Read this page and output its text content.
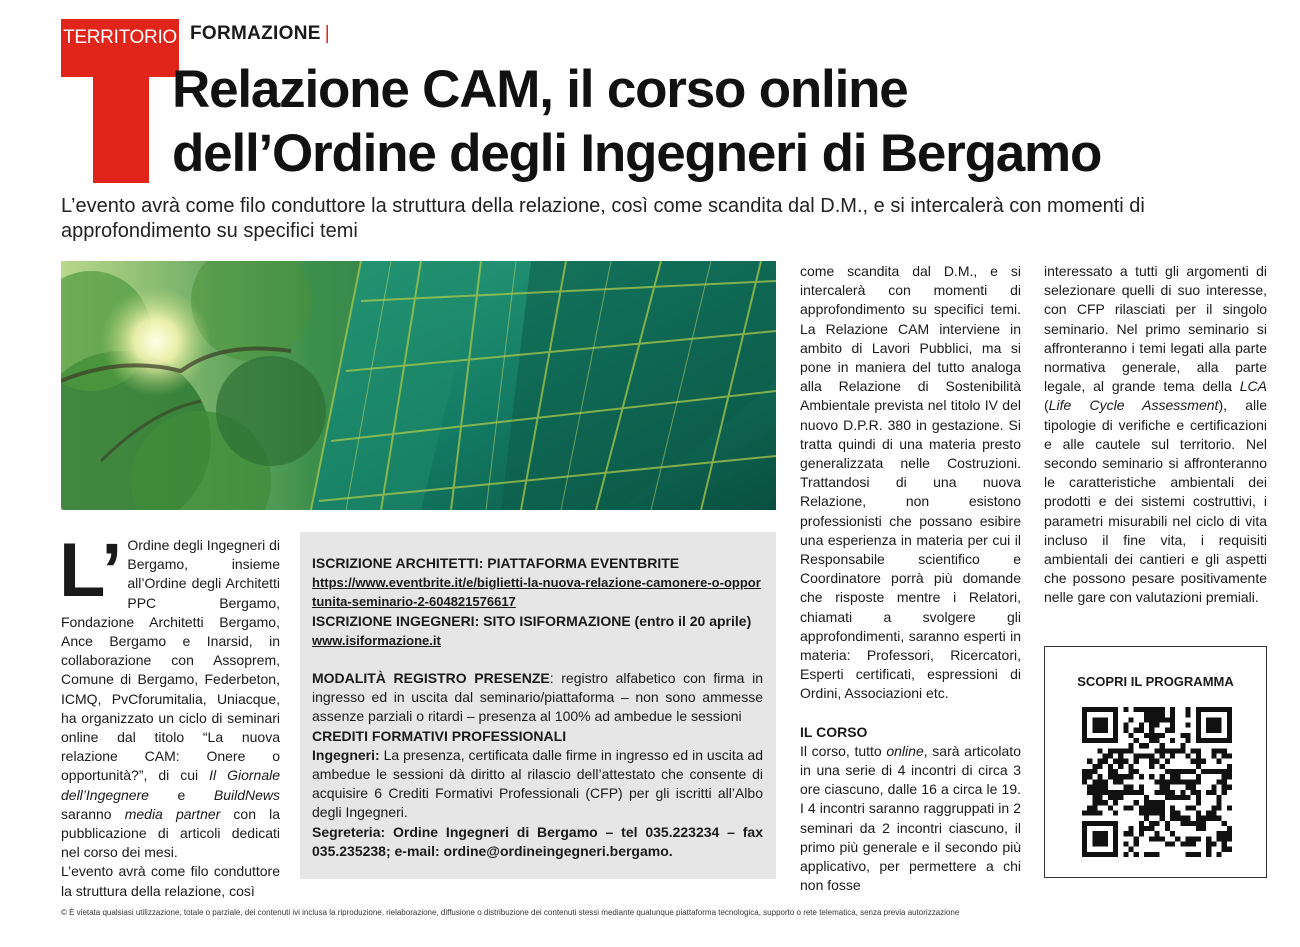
TERRITORIO FORMAZIONE |
Relazione CAM, il corso online
dell’Ordine degli Ingegneri di Bergamo
L’evento avrà come filo conduttore la struttura della relazione, così come scandita dal D.M., e si intercalerà con momenti di approfondimento su specifici temi

L’ Ordine degli Ingegneri di Bergamo, insieme all’Ordine degli Architetti PPC Bergamo, Fondazione Architetti Bergamo, Ance Bergamo e Inarsid, in collaborazione con Assoprem, Comune di Bergamo, Federbeton, ICMQ, PvCforumitalia, Uniacque, ha organizzato un ciclo di seminari online dal titolo “La nuova relazione CAM: Onere o opportunità?”, di cui Il Giornale dell’Ingegnere e BuildNews saranno media partner con la pubblicazione di articoli dedicati nel corso dei mesi.

L’evento avrà come filo conduttore la struttura della relazione, così

ISCRIZIONE ARCHITETTI: PIATTAFORMA EVENTBRITE

https://www.eventbrite.it/e/biglietti-la-nuova-relazione-camonere-o-opportunita-seminario-2-604821576617

ISCRIZIONE INGEGNERI: SITO ISIFORMAZIONE (entro il 20 aprile)

www.isiformazione.it

MODALITÀ REGISTRO PRESENZE: registro alfabetico con firma in ingresso ed in uscita dal seminario/piattaforma – non sono ammesse assenze parziali o ritardi – presenza al 100% ad ambedue le sessioni

CREDITI FORMATIVI PROFESSIONALI

Ingegneri: La presenza, certificata dalle firme in ingresso ed in uscita ad ambedue le sessioni dà diritto al rilascio dell’attestato che consente di acquisire 6 Crediti Formativi Professionali (CFP) per gli iscritti all’Albo degli Ingegneri.

Segreteria: Ordine Ingegneri di Bergamo – tel 035.223234 – fax 035.235238; e-mail: ordine@ordineingegneri.bergamo.

come scandita dal D.M., e si intercalerà con momenti di approfondimento su specifici temi. La Relazione CAM interviene in ambito di Lavori Pubblici, ma si pone in maniera del tutto analoga alla Relazione di Sostenibilità Ambientale prevista nel titolo IV del nuovo D.P.R. 380 in gestazione. Si tratta quindi di una materia presto generalizzata nelle Costruzioni. Trattandosi di una nuova Relazione, non esistono professionisti che possano esibire una esperienza in materia per cui il Responsabile scientifico e Coordinatore porrà più domande che risposte mentre i Relatori, chiamati a svolgere gli approfondimenti, saranno esperti in materia: Professori, Ricercatori, Esperti certificati, espressioni di Ordini, Associazioni etc.

IL CORSO

Il corso, tutto online, sarà articolato in una serie di 4 incontri di circa 3 ore ciascuno, dalle 16 a circa le 19. I 4 incontri saranno raggruppati in 2 seminari da 2 incontri ciascuno, il primo più generale e il secondo più applicativo, per permettere a chi non fosse

interessato a tutti gli argomenti di selezionare quelli di suo interesse, con CFP rilasciati per il singolo seminario. Nel primo seminario si affronteranno i temi legati alla parte normativa generale, alla parte legale, al grande tema della LCA (Life Cycle Assessment), alle tipologie di verifiche e certificazioni e alle cautele sul territorio. Nel secondo seminario si affronteranno le caratteristiche ambientali dei prodotti e dei sistemi costruttivi, i parametri misurabili nel ciclo di vita incluso il fine vita, i requisiti ambientali dei cantieri e gli aspetti che possono pesare positivamente nelle gare con valutazioni premiali.

SCOPRI IL PROGRAMMA
© È vietata qualsiasi utilizzazione, totale o parziale, dei contenuti ivi inclusa la riproduzione, rielaborazione, diffusione o distribuzione dei contenuti stessi mediante qualunque piattaforma tecnologica, supporto o rete telematica, senza previa autorizzazione
